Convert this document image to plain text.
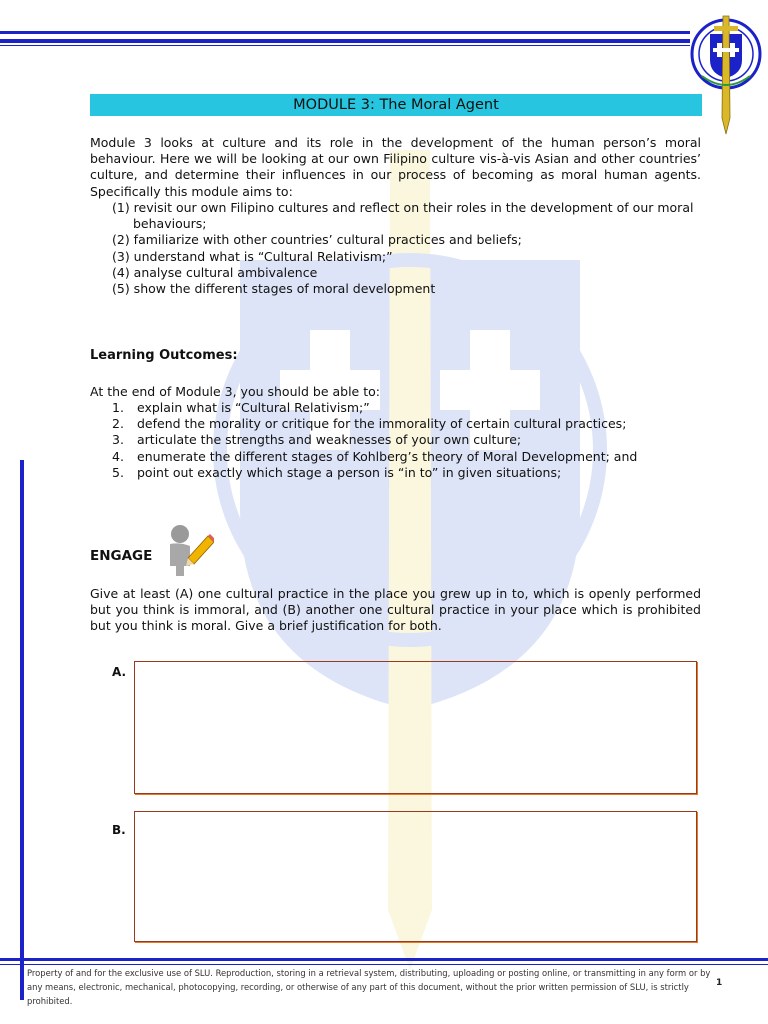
MODULE 3: The Moral Agent
Module 3 looks at culture and its role in the development of the human person’s moral behaviour. Here we will be looking at our own Filipino culture vis-à-vis Asian and other countries’ culture, and determine their influences in our process of becoming as moral human agents. Specifically this module aims to:
(1) revisit our own Filipino cultures and reflect on their roles in the development of our moral behaviours;
(2) familiarize with other countries’ cultural practices and beliefs;
(3) understand what is “Cultural Relativism;”
(4) analyse cultural ambivalence
(5) show the different stages of moral development
Learning Outcomes:
At the end of Module 3, you should be able to:
1. explain what is “Cultural Relativism;”
2. defend the morality or critique for the immorality of certain cultural practices;
3. articulate the strengths and weaknesses of your own culture;
4. enumerate the different stages of Kohlberg’s theory of Moral Development; and
5. point out exactly which stage a person is “in to” in given situations;
ENGAGE
Give at least (A) one cultural practice in the place you grew up in to, which is openly performed but you think is immoral, and (B) another one cultural practice in your place which is prohibited but you think is moral. Give a brief justification for both.
A.
B.
Property of and for the exclusive use of SLU. Reproduction, storing in a retrieval system, distributing, uploading or posting online, or transmitting in any form or by any means, electronic, mechanical, photocopying, recording, or otherwise of any part of this document, without the prior written permission of SLU, is strictly prohibited.
1
